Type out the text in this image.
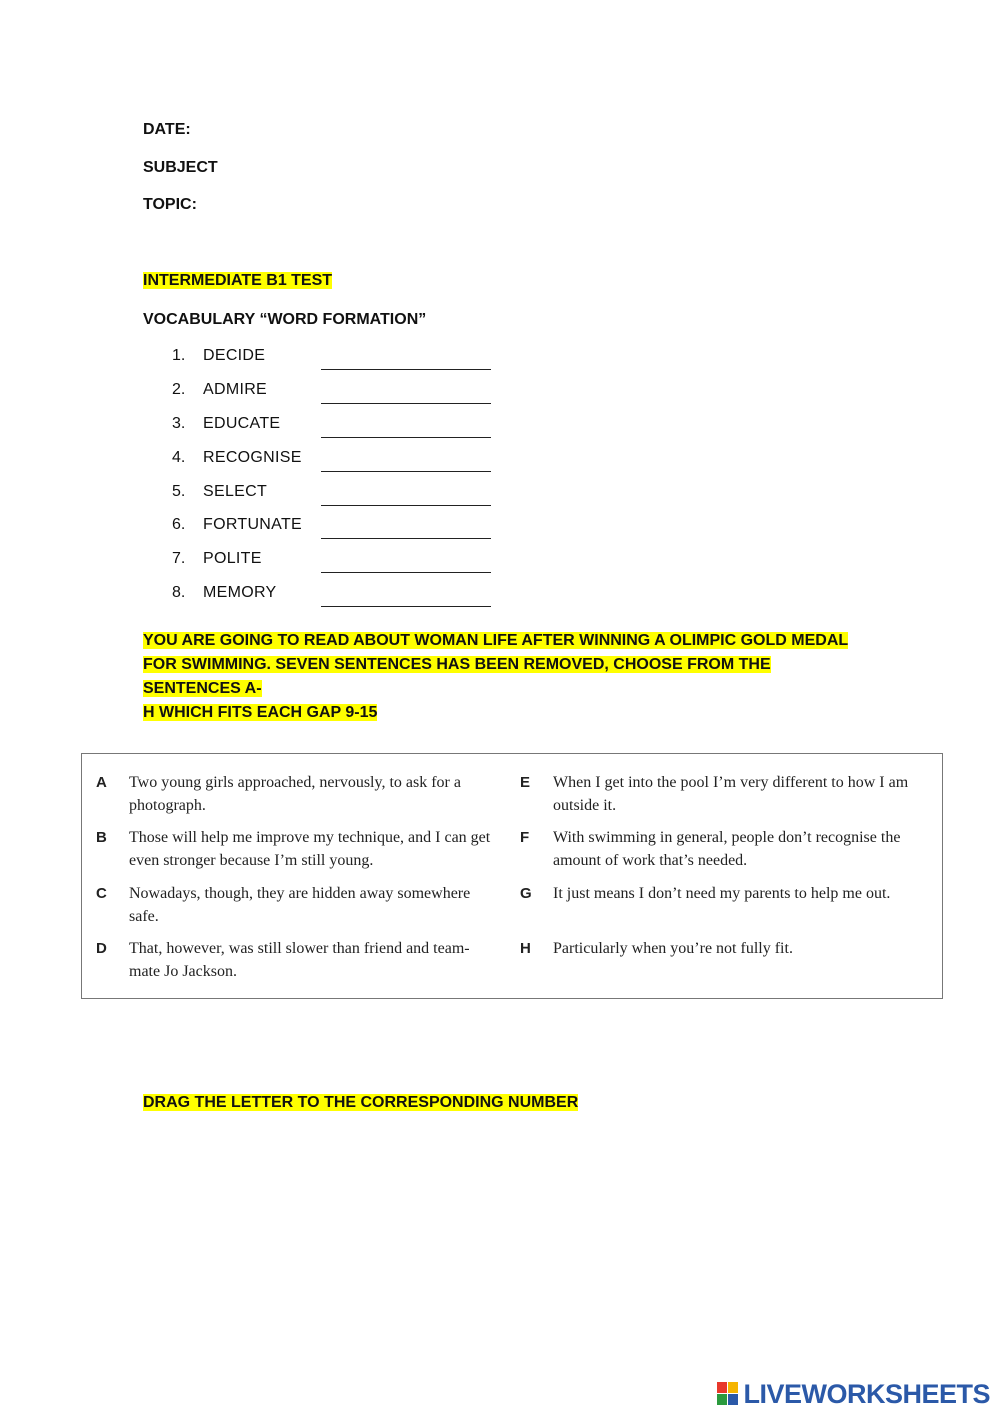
DATE:
SUBJECT
TOPIC:
INTERMEDIATE B1 TEST
VOCABULARY “WORD FORMATION”
1.	DECIDE
2.	ADMIRE
3.	EDUCATE
4.	RECOGNISE
5.	SELECT
6.	FORTUNATE
7.	POLITE
8.	MEMORY
YOU ARE GOING TO READ ABOUT WOMAN LIFE AFTER WINNING A OLIMPIC GOLD MEDAL
FOR SWIMMING. SEVEN SENTENCES HAS BEEN REMOVED, CHOOSE FROM THE SENTENCES A-
H WHICH FITS EACH GAP 9-15
A Two young girls approached, nervously, to ask for a photograph.
B Those will help me improve my technique, and I can get even stronger because I’m still young.
C Nowadays, though, they are hidden away somewhere safe.
D That, however, was still slower than friend and team-mate Jo Jackson.
E When I get into the pool I’m very different to how I am outside it.
F With swimming in general, people don’t recognise the amount of work that’s needed.
G It just means I don’t need my parents to help me out.
H Particularly when you’re not fully fit.
DRAG THE LETTER TO THE CORRESPONDING NUMBER
LIVEWORKSHEETS
